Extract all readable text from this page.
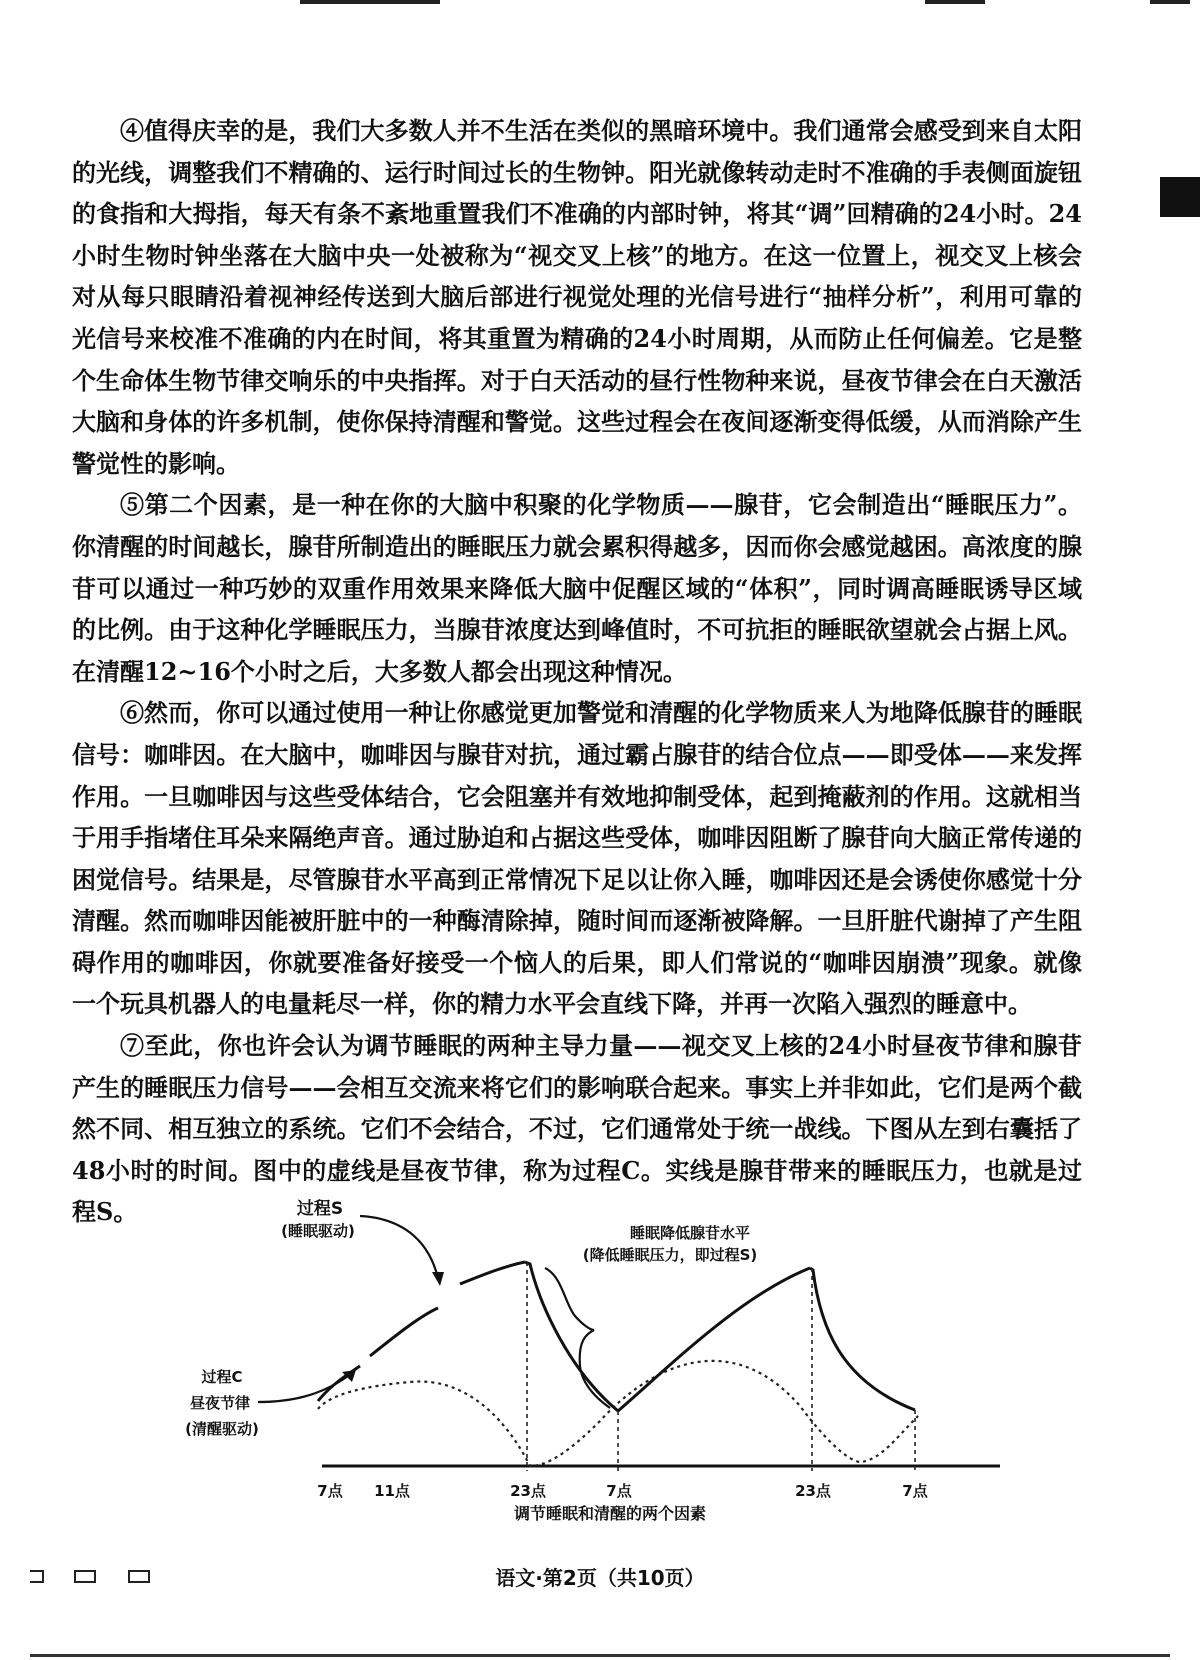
④值得庆幸的是，我们大多数人并不生活在类似的黑暗环境中。我们通常会感受到来自太阳的光线，调整我们不精确的、运行时间过长的生物钟。阳光就像转动走时不准确的手表侧面旋钮的食指和大拇指，每天有条不紊地重置我们不准确的内部时钟，将其“调”回精确的24小时。24小时生物时钟坐落在大脑中央一处被称为“视交叉上核”的地方。在这一位置上，视交叉上核会对从每只眼睛沿着视神经传送到大脑后部进行视觉处理的光信号进行“抽样分析”，利用可靠的光信号来校准不准确的内在时间，将其重置为精确的24小时周期，从而防止任何偏差。它是整个生命体生物节律交响乐的中央指挥。对于白天活动的昼行性物种来说，昼夜节律会在白天激活大脑和身体的许多机制，使你保持清醒和警觉。这些过程会在夜间逐渐变得低缓，从而消除产生警觉性的影响。

⑤第二个因素，是一种在你的大脑中积聚的化学物质——腺苷，它会制造出“睡眠压力”。你清醒的时间越长，腺苷所制造出的睡眠压力就会累积得越多，因而你会感觉越困。高浓度的腺苷可以通过一种巧妙的双重作用效果来降低大脑中促醒区域的“体积”，同时调高睡眠诱导区域的比例。由于这种化学睡眠压力，当腺苷浓度达到峰值时，不可抗拒的睡眠欲望就会占据上风。在清醒12~16个小时之后，大多数人都会出现这种情况。

⑥然而，你可以通过使用一种让你感觉更加警觉和清醒的化学物质来人为地降低腺苷的睡眠信号：咖啡因。在大脑中，咖啡因与腺苷对抗，通过霸占腺苷的结合位点——即受体——来发挥作用。一旦咖啡因与这些受体结合，它会阻塞并有效地抑制受体，起到掩蔽剂的作用。这就相当于用手指堵住耳朵来隔绝声音。通过胁迫和占据这些受体，咖啡因阻断了腺苷向大脑正常传递的困觉信号。结果是，尽管腺苷水平高到正常情况下足以让你入睡，咖啡因还是会诱使你感觉十分清醒。然而咖啡因能被肝脏中的一种酶清除掉，随时间而逐渐被降解。一旦肝脏代谢掉了产生阻碍作用的咖啡因，你就要准备好接受一个恼人的后果，即人们常说的“咖啡因崩溃”现象。就像一个玩具机器人的电量耗尽一样，你的精力水平会直线下降，并再一次陷入强烈的睡意中。

⑦至此，你也许会认为调节睡眠的两种主导力量——视交叉上核的24小时昼夜节律和腺苷产生的睡眠压力信号——会相互交流来将它们的影响联合起来。事实上并非如此，它们是两个截然不同、相互独立的系统。它们不会结合，不过，它们通常处于统一战线。下图从左到右囊括了48小时的时间。图中的虚线是昼夜节律，称为过程C。实线是腺苷带来的睡眠压力，也就是过程S。	过程S
(睡眠驱动)
过程C
昼夜节律
(清醒驱动)
睡眠降低腺苷水平
(降低睡眠压力，即过程S)
7点 11点	23点	7点	23点	7点
调节睡眠和清醒的两个因素
语文·第2页（共10页）
